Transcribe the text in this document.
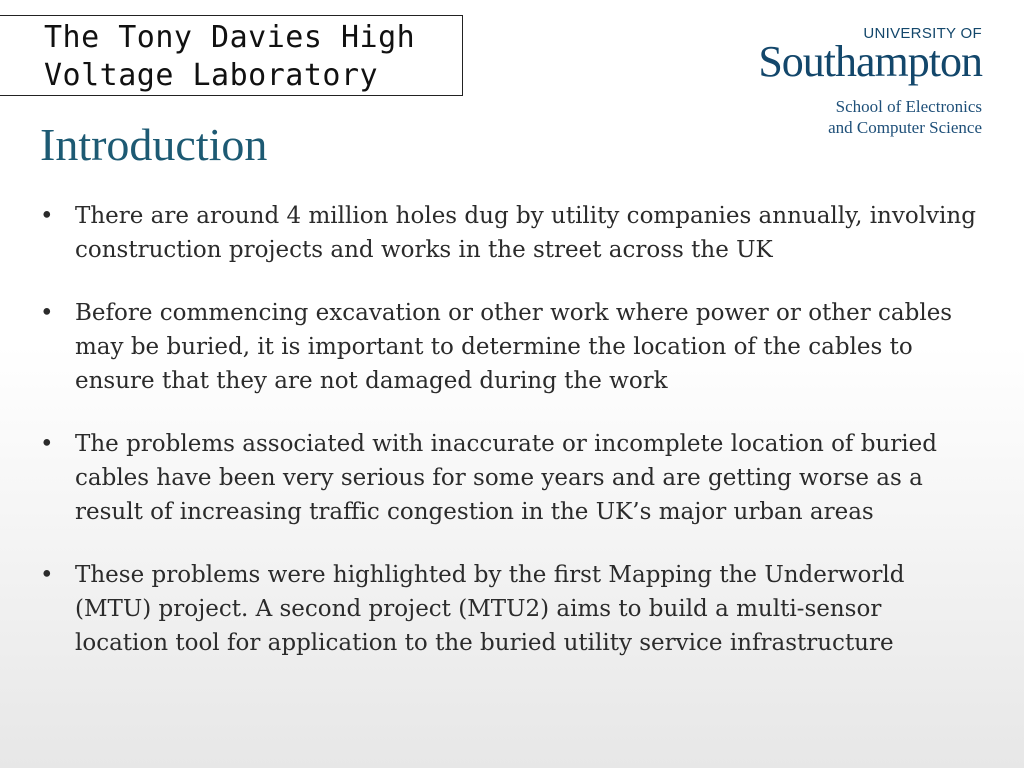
The Tony Davies High
Voltage Laboratory
UNIVERSITY OF
Southampton
School of Electronics
and Computer Science
Introduction
• There are around 4 million holes dug by utility companies annually, involving construction projects and works in the street across the UK
• Before commencing excavation or other work where power or other cables may be buried, it is important to determine the location of the cables to ensure that they are not damaged during the work
• The problems associated with inaccurate or incomplete location of buried cables have been very serious for some years and are getting worse as a result of increasing traffic congestion in the UK’s major urban areas
• These problems were highlighted by the first Mapping the Underworld (MTU) project. A second project (MTU2) aims to build a multi-sensor location tool for application to the buried utility service infrastructure
